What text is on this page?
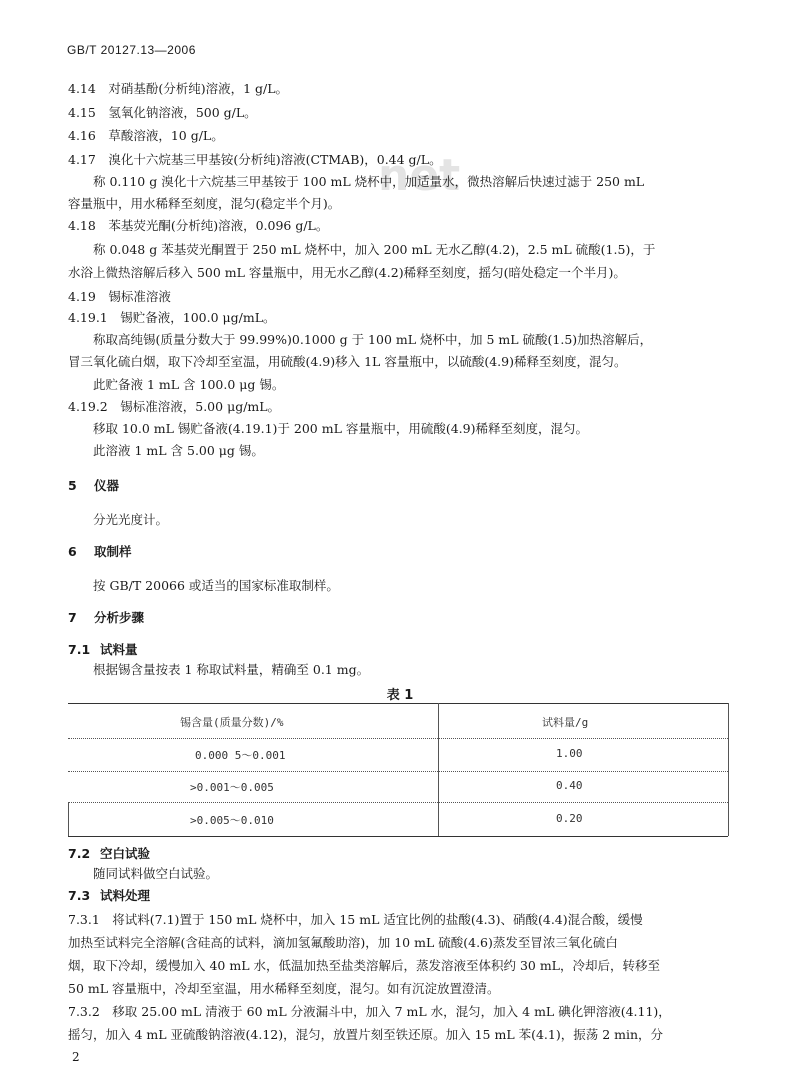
GB/T 20127.13—2006
net
4.14　对硝基酚(分析纯)溶液，1 g/L。
4.15　氢氧化钠溶液，500 g/L。
4.16　草酸溶液，10 g/L。
4.17　溴化十六烷基三甲基铵(分析纯)溶液(CTMAB)，0.44 g/L。
称 0.110 g 溴化十六烷基三甲基铵于 100 mL 烧杯中，加适量水，微热溶解后快速过滤于 250 mL
容量瓶中，用水稀释至刻度，混匀(稳定半个月)。
4.18　苯基荧光酮(分析纯)溶液，0.096 g/L。
称 0.048 g 苯基荧光酮置于 250 mL 烧杯中，加入 200 mL 无水乙醇(4.2)，2.5 mL 硫酸(1.5)，于
水浴上微热溶解后移入 500 mL 容量瓶中，用无水乙醇(4.2)稀释至刻度，摇匀(暗处稳定一个半月)。
4.19　锡标准溶液
4.19.1　锡贮备液，100.0 μg/mL。
称取高纯锡(质量分数大于 99.99%)0.1000 g 于 100 mL 烧杯中，加 5 mL 硫酸(1.5)加热溶解后，
冒三氧化硫白烟，取下冷却至室温，用硫酸(4.9)移入 1L 容量瓶中，以硫酸(4.9)稀释至刻度，混匀。
此贮备液 1 mL 含 100.0 μg 锡。
4.19.2　锡标准溶液，5.00 μg/mL。
移取 10.0 mL 锡贮备液(4.19.1)于 200 mL 容量瓶中，用硫酸(4.9)稀释至刻度，混匀。
此溶液 1 mL 含 5.00 μg 锡。
5 仪器
分光光度计。
6 取制样
按 GB/T 20066 或适当的国家标准取制样。
7 分析步骤
7.1 试料量
根据锡含量按表 1 称取试料量，精确至 0.1 mg。
表 1
锡含量(质量分数)/%	试料量/g
0.000 5～0.001	1.00
>0.001～0.005	0.40
>0.005～0.010	0.20
7.2 空白试验
随同试料做空白试验。
7.3 试料处理
7.3.1　将试料(7.1)置于 150 mL 烧杯中，加入 15 mL 适宜比例的盐酸(4.3)、硝酸(4.4)混合酸，缓慢
加热至试料完全溶解(含硅高的试料，滴加氢氟酸助溶)，加 10 mL 硫酸(4.6)蒸发至冒浓三氧化硫白
烟，取下冷却，缓慢加入 40 mL 水，低温加热至盐类溶解后，蒸发溶液至体积约 30 mL，冷却后，转移至
50 mL 容量瓶中，冷却至室温，用水稀释至刻度，混匀。如有沉淀放置澄清。
7.3.2　移取 25.00 mL 清液于 60 mL 分液漏斗中，加入 7 mL 水，混匀，加入 4 mL 碘化钾溶液(4.11)，
摇匀，加入 4 mL 亚硫酸钠溶液(4.12)，混匀，放置片刻至铁还原。加入 15 mL 苯(4.1)，振荡 2 min，分
2
